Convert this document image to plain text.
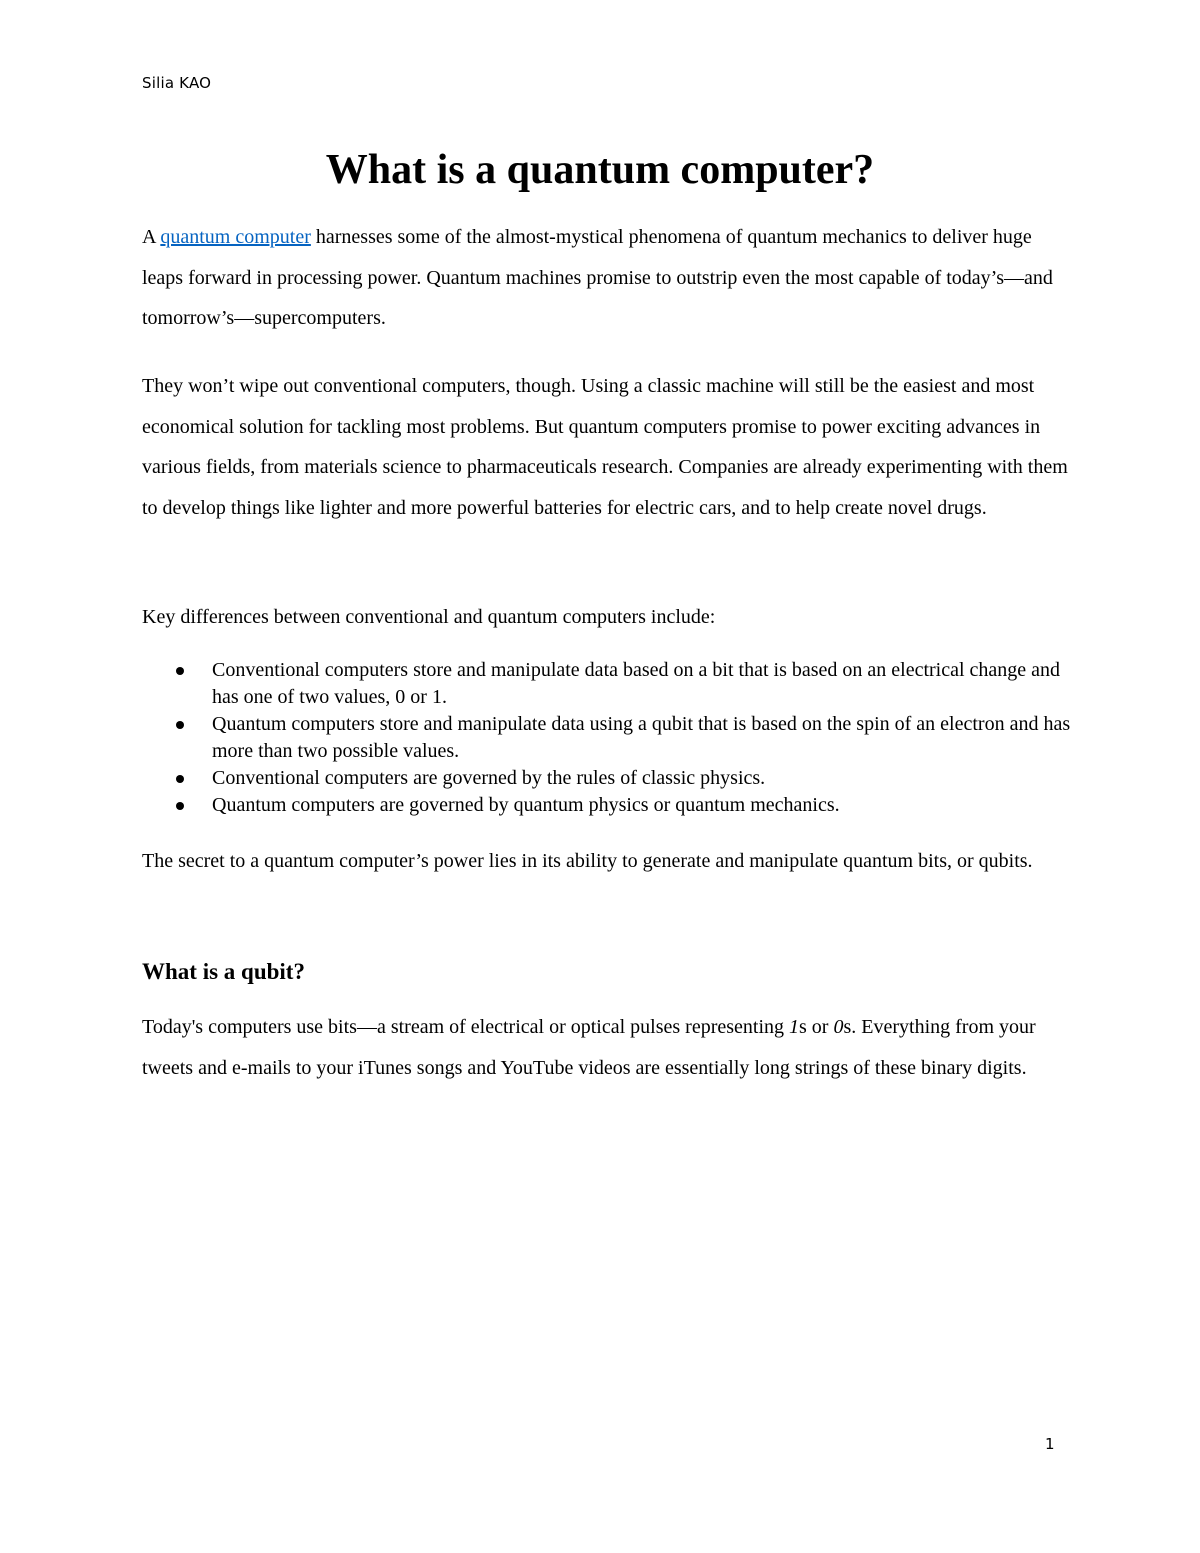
Silia KAO
What is a quantum computer?

A quantum computer harnesses some of the almost-mystical phenomena of quantum mechanics to deliver huge leaps forward in processing power. Quantum machines promise to outstrip even the most capable of today’s—and tomorrow’s—supercomputers.

They won’t wipe out conventional computers, though. Using a classic machine will still be the easiest and most economical solution for tackling most problems. But quantum computers promise to power exciting advances in various fields, from materials science to pharmaceuticals research. Companies are already experimenting with them to develop things like lighter and more powerful batteries for electric cars, and to help create novel drugs.

Key differences between conventional and quantum computers include:

Conventional computers store and manipulate data based on a bit that is based on an electrical change and has one of two values, 0 or 1.
Quantum computers store and manipulate data using a qubit that is based on the spin of an electron and has more than two possible values.
Conventional computers are governed by the rules of classic physics.
Quantum computers are governed by quantum physics or quantum mechanics.

The secret to a quantum computer’s power lies in its ability to generate and manipulate quantum bits, or qubits.

What is a qubit?

Today's computers use bits—a stream of electrical or optical pulses representing 1s or 0s. Everything from your tweets and e-mails to your iTunes songs and YouTube videos are essentially long strings of these binary digits.

1
